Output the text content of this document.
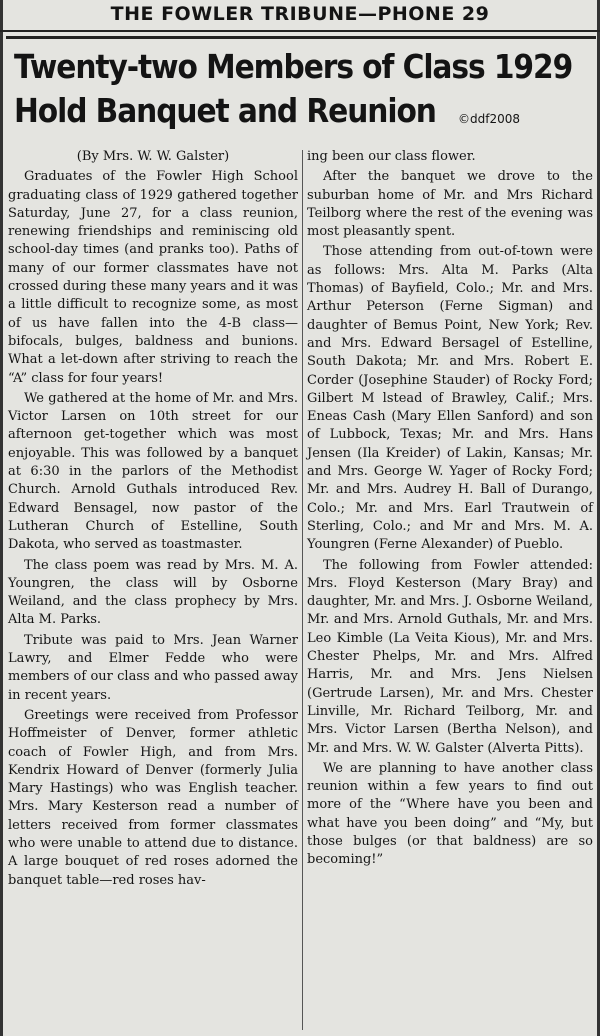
THE FOWLER TRIBUNE—PHONE 29
Twenty-two Members of Class 1929
Hold Banquet and Reunion	©ddf2008

(By Mrs. W. W. Galster)

Graduates of the Fowler High School graduating class of 1929 gathered together Saturday, June 27, for a class reunion, renewing friendships and reminiscing old school-day times (and pranks too). Paths of many of our former classmates have not crossed during these many years and it was a little difficult to recognize some, as most of us have fallen into the 4-B class—bifocals, bulges, baldness and bunions. What a let-down after striving to reach the “A” class for four years!

We gathered at the home of Mr. and Mrs. Victor Larsen on 10th street for our afternoon get-together which was most enjoyable. This was followed by a banquet at 6:30 in the parlors of the Methodist Church. Arnold Guthals introduced Rev. Edward Bensagel, now pastor of the Lutheran Church of Estelline, South Dakota, who served as toastmaster.

The class poem was read by Mrs. M. A. Youngren, the class will by Osborne Weiland, and the class prophecy by Mrs. Alta M. Parks.

Tribute was paid to Mrs. Jean Warner Lawry, and Elmer Fedde who were members of our class and who passed away in recent years.

Greetings were received from Professor Hoffmeister of Denver, former athletic coach of Fowler High, and from Mrs. Kendrix Howard of Denver (formerly Julia Mary Hastings) who was English teacher. Mrs. Mary Kesterson read a number of letters received from former classmates who were unable to attend due to distance. A large bouquet of red roses adorned the banquet table—red roses hav-

ing been our class flower.

After the banquet we drove to the suburban home of Mr. and Mrs Richard Teilborg where the rest of the evening was most pleasantly spent.

Those attending from out-of-town were as follows: Mrs. Alta M. Parks (Alta Thomas) of Bayfield, Colo.; Mr. and Mrs. Arthur Peterson (Ferne Sigman) and daughter of Bemus Point, New York; Rev. and Mrs. Edward Bersagel of Estelline, South Dakota; Mr. and Mrs. Robert E. Corder (Josephine Stauder) of Rocky Ford; Gilbert M lstead of Brawley, Calif.; Mrs. Eneas Cash (Mary Ellen Sanford) and son of Lubbock, Texas; Mr. and Mrs. Hans Jensen (Ila Kreider) of Lakin, Kansas; Mr. and Mrs. George W. Yager of Rocky Ford; Mr. and Mrs. Audrey H. Ball of Durango, Colo.; Mr. and Mrs. Earl Trautwein of Sterling, Colo.; and Mr and Mrs. M. A. Youngren (Ferne Alexander) of Pueblo.

The following from Fowler attended: Mrs. Floyd Kesterson (Mary Bray) and daughter, Mr. and Mrs. J. Osborne Weiland, Mr. and Mrs. Arnold Guthals, Mr. and Mrs. Leo Kimble (La Veita Kious), Mr. and Mrs. Chester Phelps, Mr. and Mrs. Alfred Harris, Mr. and Mrs. Jens Nielsen (Gertrude Larsen), Mr. and Mrs. Chester Linville, Mr. Richard Teilborg, Mr. and Mrs. Victor Larsen (Bertha Nelson), and Mr. and Mrs. W. W. Galster (Alverta Pitts).

We are planning to have another class reunion within a few years to find out more of the “Where have you been and what have you been doing” and “My, but those bulges (or that baldness) are so becoming!”
